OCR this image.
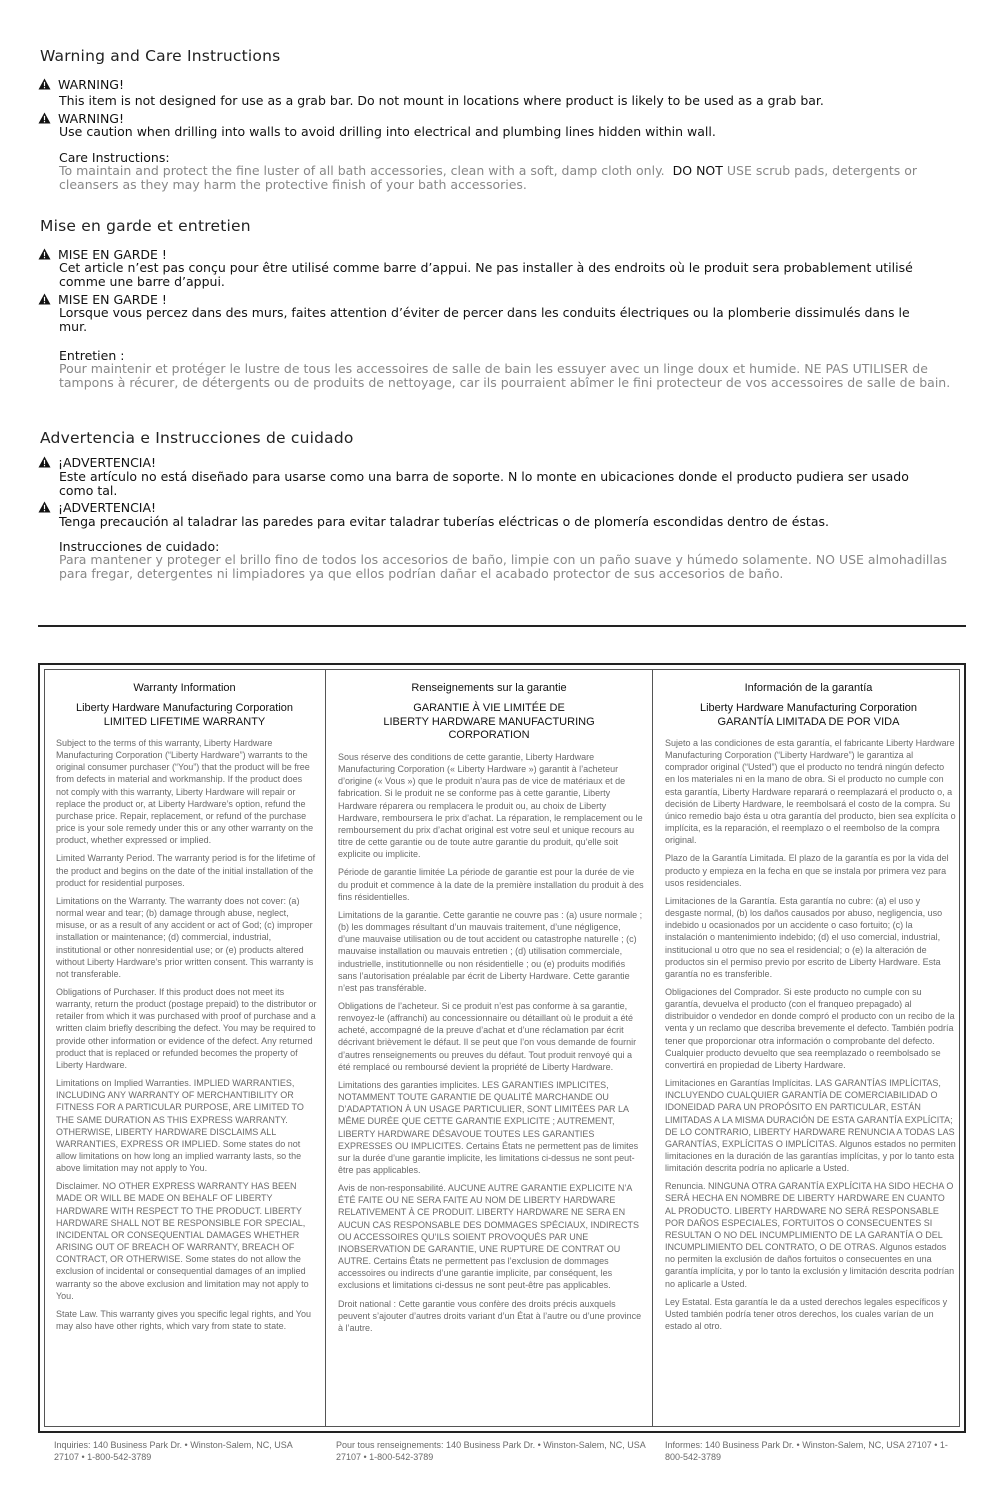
Warning and Care Instructions
WARNING!
This item is not designed for use as a grab bar. Do not mount in locations where product is likely to be used as a grab bar.
WARNING!
Use caution when drilling into walls to avoid drilling into electrical and plumbing lines hidden within wall.
Care Instructions:
To maintain and protect the fine luster of all bath accessories, clean with a soft, damp cloth only. DO NOT USE scrub pads, detergents or cleansers as they may harm the protective finish of your bath accessories.
Mise en garde et entretien
MISE EN GARDE !
Cet article n’est pas conçu pour être utilisé comme barre d’appui. Ne pas installer à des endroits où le produit sera probablement utilisé comme une barre d’appui.
MISE EN GARDE !
Lorsque vous percez dans des murs, faites attention d’éviter de percer dans les conduits électriques ou la plomberie dissimulés dans le mur.
Entretien :
Pour maintenir et protéger le lustre de tous les accessoires de salle de bain les essuyer avec un linge doux et humide. NE PAS UTILISER de tampons à récurer, de détergents ou de produits de nettoyage, car ils pourraient abîmer le fini protecteur de vos accessoires de salle de bain.
Advertencia e Instrucciones de cuidado
¡ADVERTENCIA!
Este artículo no está diseñado para usarse como una barra de soporte. N lo monte en ubicaciones donde el producto pudiera ser usado como tal.
¡ADVERTENCIA!
Tenga precaución al taladrar las paredes para evitar taladrar tuberías eléctricas o de plomería escondidas dentro de éstas.
Instrucciones de cuidado:
Para mantener y proteger el brillo fino de todos los accesorios de baño, limpie con un paño suave y húmedo solamente. NO USE almohadillas para fregar, detergentes ni limpiadores ya que ellos podrían dañar el acabado protector de sus accesorios de baño.
Warranty Information
Liberty Hardware Manufacturing Corporation
LIMITED LIFETIME WARRANTY

Subject to the terms of this warranty, Liberty Hardware Manufacturing Corporation (“Liberty Hardware”) warrants to the original consumer purchaser (“You”) that the product will be free from defects in material and workmanship. If the product does not comply with this warranty, Liberty Hardware will repair or replace the product or, at Liberty Hardware’s option, refund the purchase price. Repair, replacement, or refund of the purchase price is your sole remedy under this or any other warranty on the product, whether expressed or implied.

Limited Warranty Period. The warranty period is for the lifetime of the product and begins on the date of the initial installation of the product for residential purposes.

Limitations on the Warranty. The warranty does not cover: (a) normal wear and tear; (b) damage through abuse, neglect, misuse, or as a result of any accident or act of God; (c) improper installation or maintenance; (d) commercial, industrial, institutional or other nonresidential use; or (e) products altered without Liberty Hardware’s prior written consent. This warranty is not transferable.

Obligations of Purchaser. If this product does not meet its warranty, return the product (postage prepaid) to the distributor or retailer from which it was purchased with proof of purchase and a written claim briefly describing the defect. You may be required to provide other information or evidence of the defect. Any returned product that is replaced or refunded becomes the property of Liberty Hardware.

Limitations on Implied Warranties. IMPLIED WARRANTIES, INCLUDING ANY WARRANTY OF MERCHANTIBILITY OR FITNESS FOR A PARTICULAR PURPOSE, ARE LIMITED TO THE SAME DURATION AS THIS EXPRESS WARRANTY. OTHERWISE, LIBERTY HARDWARE DISCLAIMS ALL WARRANTIES, EXPRESS OR IMPLIED. Some states do not allow limitations on how long an implied warranty lasts, so the above limitation may not apply to You.

Disclaimer. NO OTHER EXPRESS WARRANTY HAS BEEN MADE OR WILL BE MADE ON BEHALF OF LIBERTY HARDWARE WITH RESPECT TO THE PRODUCT. LIBERTY HARDWARE SHALL NOT BE RESPONSIBLE FOR SPECIAL, INCIDENTAL OR CONSEQUENTIAL DAMAGES WHETHER ARISING OUT OF BREACH OF WARRANTY, BREACH OF CONTRACT, OR OTHERWISE. Some states do not allow the exclusion of incidental or consequential damages of an implied warranty so the above exclusion and limitation may not apply to You.

State Law. This warranty gives you specific legal rights, and You may also have other rights, which vary from state to state.

Renseignements sur la garantie
GARANTIE À VIE LIMITÉE DE
LIBERTY HARDWARE MANUFACTURING CORPORATION

Sous réserve des conditions de cette garantie, Liberty Hardware Manufacturing Corporation (« Liberty Hardware ») garantit à l’acheteur d’origine (« Vous ») que le produit n’aura pas de vice de matériaux et de fabrication. Si le produit ne se conforme pas à cette garantie, Liberty Hardware réparera ou remplacera le produit ou, au choix de Liberty Hardware, remboursera le prix d’achat. La réparation, le remplacement ou le remboursement du prix d’achat original est votre seul et unique recours au titre de cette garantie ou de toute autre garantie du produit, qu’elle soit explicite ou implicite.

Période de garantie limitée La période de garantie est pour la durée de vie du produit et commence à la date de la première installation du produit à des fins résidentielles.

Limitations de la garantie. Cette garantie ne couvre pas : (a) usure normale ; (b) les dommages résultant d’un mauvais traitement, d’une négligence, d’une mauvaise utilisation ou de tout accident ou catastrophe naturelle ; (c) mauvaise installation ou mauvais entretien ; (d) utilisation commerciale, industrielle, institutionnelle ou non résidentielle ; ou (e) produits modifiés sans l’autorisation préalable par écrit de Liberty Hardware. Cette garantie n’est pas transférable.

Obligations de l’acheteur. Si ce produit n’est pas conforme à sa garantie, renvoyez-le (affranchi) au concessionnaire ou détaillant où le produit a été acheté, accompagné de la preuve d’achat et d’une réclamation par écrit décrivant brièvement le défaut. Il se peut que l’on vous demande de fournir d’autres renseignements ou preuves du défaut. Tout produit renvoyé qui a été remplacé ou remboursé devient la propriété de Liberty Hardware.

Limitations des garanties implicites. LES GARANTIES IMPLICITES, NOTAMMENT TOUTE GARANTIE DE QUALITÉ MARCHANDE OU D’ADAPTATION À UN USAGE PARTICULIER, SONT LIMITÉES PAR LA MÊME DURÉE QUE CETTE GARANTIE EXPLICITE ; AUTREMENT, LIBERTY HARDWARE DÉSAVOUE TOUTES LES GARANTIES EXPRESSES OU IMPLICITES. Certains États ne permettent pas de limites sur la durée d’une garantie implicite, les limitations ci-dessus ne sont peut-être pas applicables.

Avis de non-responsabilité. AUCUNE AUTRE GARANTIE EXPLICITE N’A ÉTÉ FAITE OU NE SERA FAITE AU NOM DE LIBERTY HARDWARE RELATIVEMENT À CE PRODUIT. LIBERTY HARDWARE NE SERA EN AUCUN CAS RESPONSABLE DES DOMMAGES SPÉCIAUX, INDIRECTS OU ACCESSOIRES QU’ILS SOIENT PROVOQUÉS PAR UNE INOBSERVATION DE GARANTIE, UNE RUPTURE DE CONTRAT OU AUTRE. Certains États ne permettent pas l’exclusion de dommages accessoires ou indirects d’une garantie implicite, par conséquent, les exclusions et limitations ci-dessus ne sont peut-être pas applicables.

Droit national : Cette garantie vous confère des droits précis auxquels peuvent s’ajouter d’autres droits variant d’un État à l’autre ou d’une province à l’autre.

Información de la garantía
Liberty Hardware Manufacturing Corporation
GARANTÍA LIMITADA DE POR VIDA

Sujeto a las condiciones de esta garantía, el fabricante Liberty Hardware Manufacturing Corporation (“Liberty Hardware”) le garantiza al comprador original (“Usted”) que el producto no tendrá ningún defecto en los materiales ni en la mano de obra. Si el producto no cumple con esta garantía, Liberty Hardware reparará o reemplazará el producto o, a decisión de Liberty Hardware, le reembolsará el costo de la compra. Su único remedio bajo ésta u otra garantía del producto, bien sea explícita o implícita, es la reparación, el reemplazo o el reembolso de la compra original.

Plazo de la Garantía Limitada. El plazo de la garantía es por la vida del producto y empieza en la fecha en que se instala por primera vez para usos residenciales.

Limitaciones de la Garantía. Esta garantía no cubre: (a) el uso y desgaste normal, (b) los daños causados por abuso, negligencia, uso indebido u ocasionados por un accidente o caso fortuito; (c) la instalación o mantenimiento indebido; (d) el uso comercial, industrial, institucional u otro que no sea el residencial; o (e) la alteración de productos sin el permiso previo por escrito de Liberty Hardware. Esta garantía no es transferible.

Obligaciones del Comprador. Si este producto no cumple con su garantía, devuelva el producto (con el franqueo prepagado) al distribuidor o vendedor en donde compró el producto con un recibo de la venta y un reclamo que describa brevemente el defecto. También podría tener que proporcionar otra información o comprobante del defecto. Cualquier producto devuelto que sea reemplazado o reembolsado se convertirá en propiedad de Liberty Hardware.

Limitaciones en Garantías Implícitas. LAS GARANTÍAS IMPLÍCITAS, INCLUYENDO CUALQUIER GARANTÍA DE COMERCIABILIDAD O IDONEIDAD PARA UN PROPÓSITO EN PARTICULAR, ESTÁN LIMITADAS A LA MISMA DURACIÓN DE ESTA GARANTÍA EXPLÍCITA; DE LO CONTRARIO, LIBERTY HARDWARE RENUNCIA A TODAS LAS GARANTÍAS, EXPLÍCITAS O IMPLÍCITAS. Algunos estados no permiten limitaciones en la duración de las garantías implícitas, y por lo tanto esta limitación descrita podría no aplicarle a Usted.

Renuncia. NINGUNA OTRA GARANTÍA EXPLÍCITA HA SIDO HECHA O SERÁ HECHA EN NOMBRE DE LIBERTY HARDWARE EN CUANTO AL PRODUCTO. LIBERTY HARDWARE NO SERÁ RESPONSABLE POR DAÑOS ESPECIALES, FORTUITOS O CONSECUENTES SI RESULTAN O NO DEL INCUMPLIMIENTO DE LA GARANTÍA O DEL INCUMPLIMIENTO DEL CONTRATO, O DE OTRAS. Algunos estados no permiten la exclusión de daños fortuitos o consecuentes en una garantía implícita, y por lo tanto la exclusión y limitación descrita podrían no aplicarle a Usted.

Ley Estatal. Esta garantía le da a usted derechos legales específicos y Usted también podría tener otros derechos, los cuales varían de un estado al otro.

Inquiries: 140 Business Park Dr. • Winston-Salem, NC, USA 27107 • 1-800-542-3789
Pour tous renseignements: 140 Business Park Dr. • Winston-Salem, NC, USA 27107 • 1-800-542-3789
Informes: 140 Business Park Dr. • Winston-Salem, NC, USA 27107 • 1-800-542-3789
